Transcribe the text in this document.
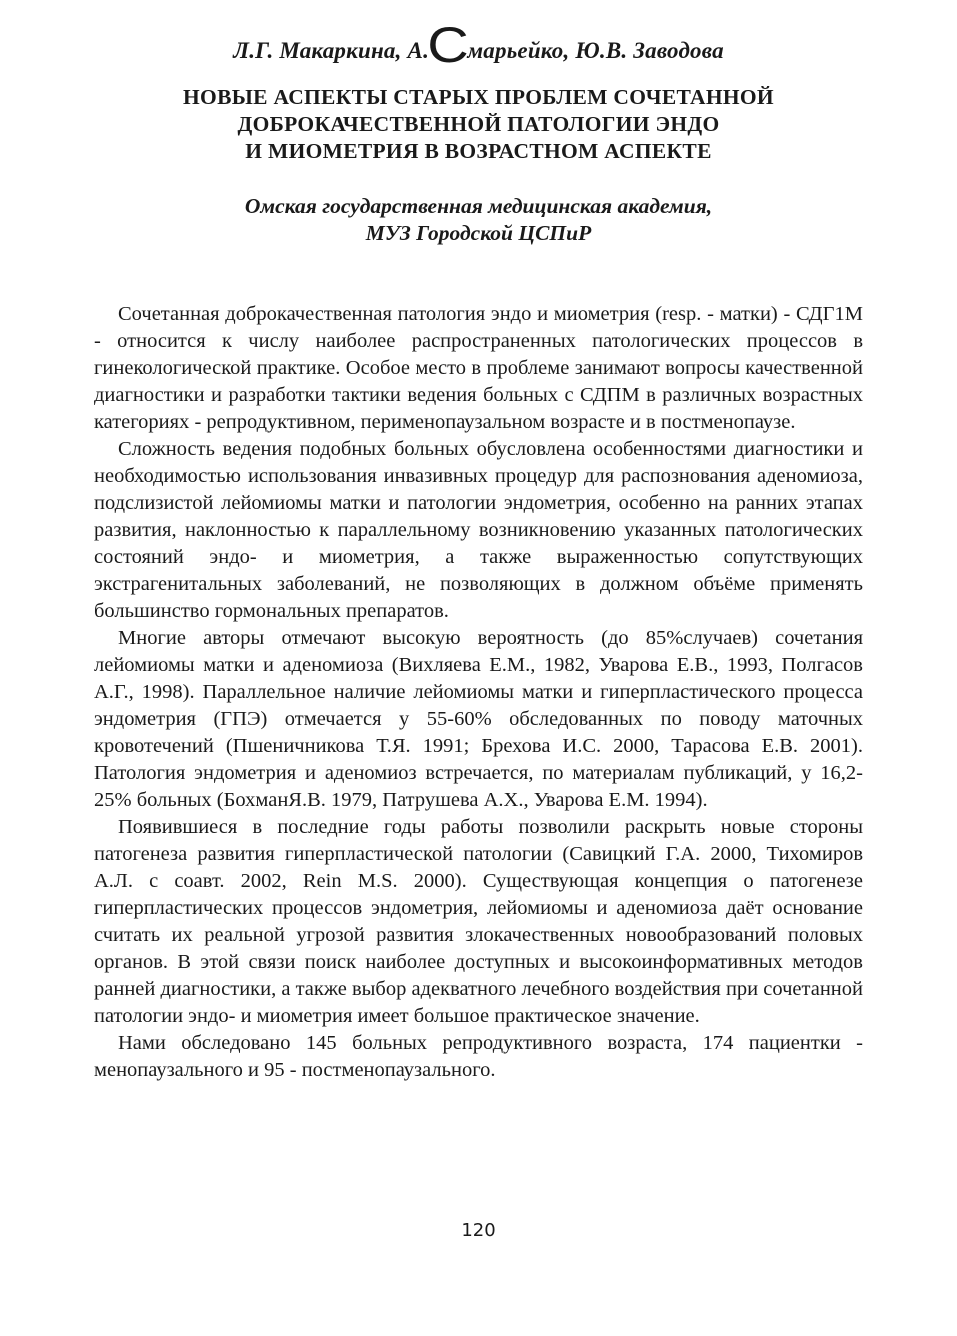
Л.Г. Макаркина, А.Смарьейко, Ю.В. Заводова
НОВЫЕ АСПЕКТЫ СТАРЫХ ПРОБЛЕМ СОЧЕТАННОЙ
ДОБРОКАЧЕСТВЕННОЙ ПАТОЛОГИИ ЭНДО
И МИОМЕТРИЯ В ВОЗРАСТНОМ АСПЕКТЕ
Омская государственная медицинская академия,
МУЗ Городской ЦСПиР

Сочетанная доброкачественная патология эндо и миометрия (resp. - матки) - СДГ1М - относится к числу наиболее распространенных патологических процессов в гинекологической практике. Особое место в проблеме занимают вопросы качественной диагностики и разработки тактики ведения больных с СДПМ в различных возрастных категориях - репродуктивном, перименопаузальном возрасте и в постменопаузе.

Сложность ведения подобных больных обусловлена особенностями диагностики и необходимостью использования инвазивных процедур для распознования аденомиоза, подслизистой лейомиомы матки и патологии эндометрия, особенно на ранних этапах развития, наклонностью к параллельному возникновению указанных патологических состояний эндо- и миометрия, а также выраженностью сопутствующих экстрагенитальных заболеваний, не позволяющих в должном объёме применять большинство гормональных препаратов.

Многие авторы отмечают высокую вероятность (до 85%случаев) сочетания лейомиомы матки и аденомиоза (Вихляева Е.М., 1982, Уварова Е.В., 1993, Полгасов А.Г., 1998). Параллельное наличие лейомиомы матки и гиперпластического процесса эндометрия (ГПЭ) отмечается у 55-60% обследованных по поводу маточных кровотечений (Пшеничникова Т.Я. 1991; Брехова И.С. 2000, Тарасова Е.В. 2001). Патология эндометрия и аденомиоз встречается, по материалам публикаций, у 16,2-25% больных (БохманЯ.В. 1979, Патрушева А.Х., Уварова Е.М. 1994).

Появившиеся в последние годы работы позволили раскрыть новые стороны патогенеза развития гиперпластической патологии (Савицкий Г.А. 2000, Тихомиров А.Л. с соавт. 2002, Rein M.S. 2000). Существующая концепция о патогенезе гиперпластических процессов эндометрия, лейомиомы и аденомиоза даёт основание считать их реальной угрозой развития злокачественных новообразований половых органов. В этой связи поиск наиболее доступных и высокоинформативных методов ранней диагностики, а также выбор адекватного лечебного воздействия при сочетанной патологии эндо- и миометрия имеет большое практическое значение.

Нами обследовано 145 больных репродуктивного возраста, 174 пациентки - менопаузального и 95 - постменопаузального.

120
